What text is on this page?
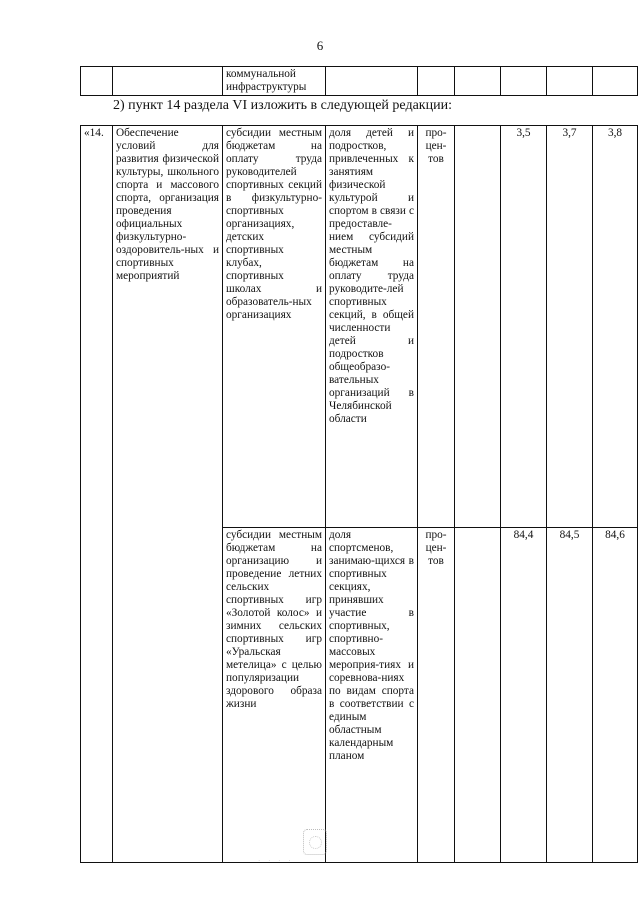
6

коммунальной инфраструктуры

2) пункт 14 раздела VI изложить в следующей редакции:
«14.	Обеспечение условий для развития физической культуры, школьного спорта и массового спорта, организация проведения официальных физкультурно-оздоровитель-ных и спортивных мероприятий	субсидии местным бюджетам на оплату труда руководителей спортивных секций в физкультурно-спортивных организациях, детских спортивных клубах, спортивных школах и образователь-ных организациях	доля детей и подростков, привлеченных к занятиям физической культурой и спортом в связи с предоставле-нием субсидий местным бюджетам на оплату труда руководите-лей спортивных секций, в общей численности детей и подростков общеобразо-вательных организаций в Челябинской области	про-цен-тов		3,5	3,7	3,8

		субсидии местным бюджетам на организацию и проведение летних сельских спортивных игр «Золотой колос» и зимних сельских спортивных игр «Уральская метелица» с целью популяризации здорового образа жизни	доля спортсменов, занимаю-щихся в спортивных секциях, принявших участие в спортивных, спортивно-массовых мероприя-тиях и соревнова-ниях по видам спорта в соответствии с единым областным календарным планом	про-цен-тов		84,4	84,5	84,6
· · · ·
